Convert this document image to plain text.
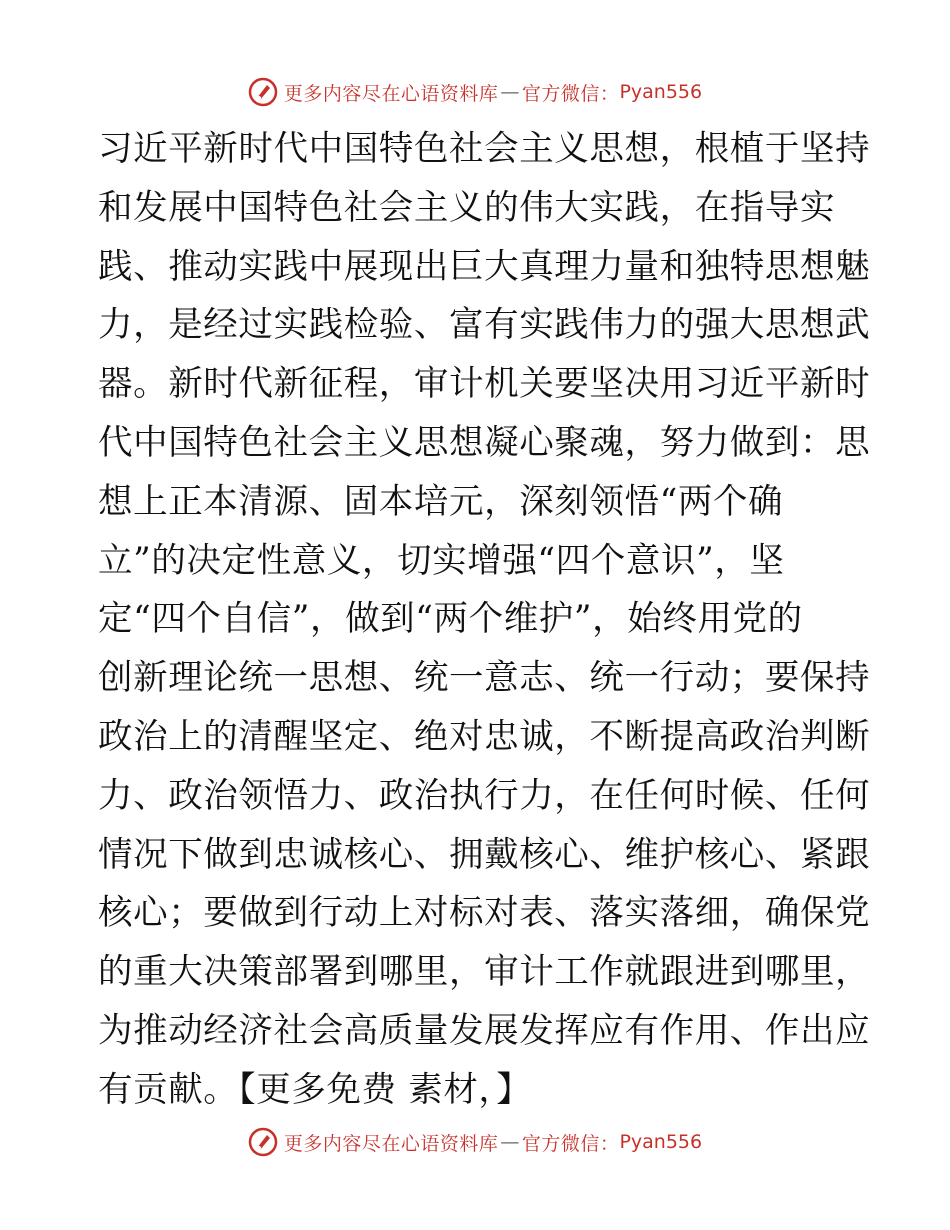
更多内容尽在心语资料库 — 官方微信： Pyan556
习近平新时代中国特色社会主义思想，根植于坚持
和发展中国特色社会主义的伟大实践，在指导实
践、推动实践中展现出巨大真理力量和独特思想魅
力，是经过实践检验、富有实践伟力的强大思想武
器。新时代新征程，审计机关要坚决用习近平新时
代中国特色社会主义思想凝心聚魂，努力做到：思
想上正本清源、固本培元，深刻领悟“两个确
立”的决定性意义，切实增强“四个意识”，坚
定“四个自信”，做到“两个维护”，始终用党的
创新理论统一思想、统一意志、统一行动；要保持
政治上的清醒坚定、绝对忠诚，不断提高政治判断
力、政治领悟力、政治执行力，在任何时候、任何
情况下做到忠诚核心、拥戴核心、维护核心、紧跟
核心；要做到行动上对标对表、落实落细，确保党
的重大决策部署到哪里，审计工作就跟进到哪里，
为推动经济社会高质量发展发挥应有作用、作出应
有贡献。【更多免费 素材，】
更多内容尽在心语资料库 — 官方微信： Pyan556
